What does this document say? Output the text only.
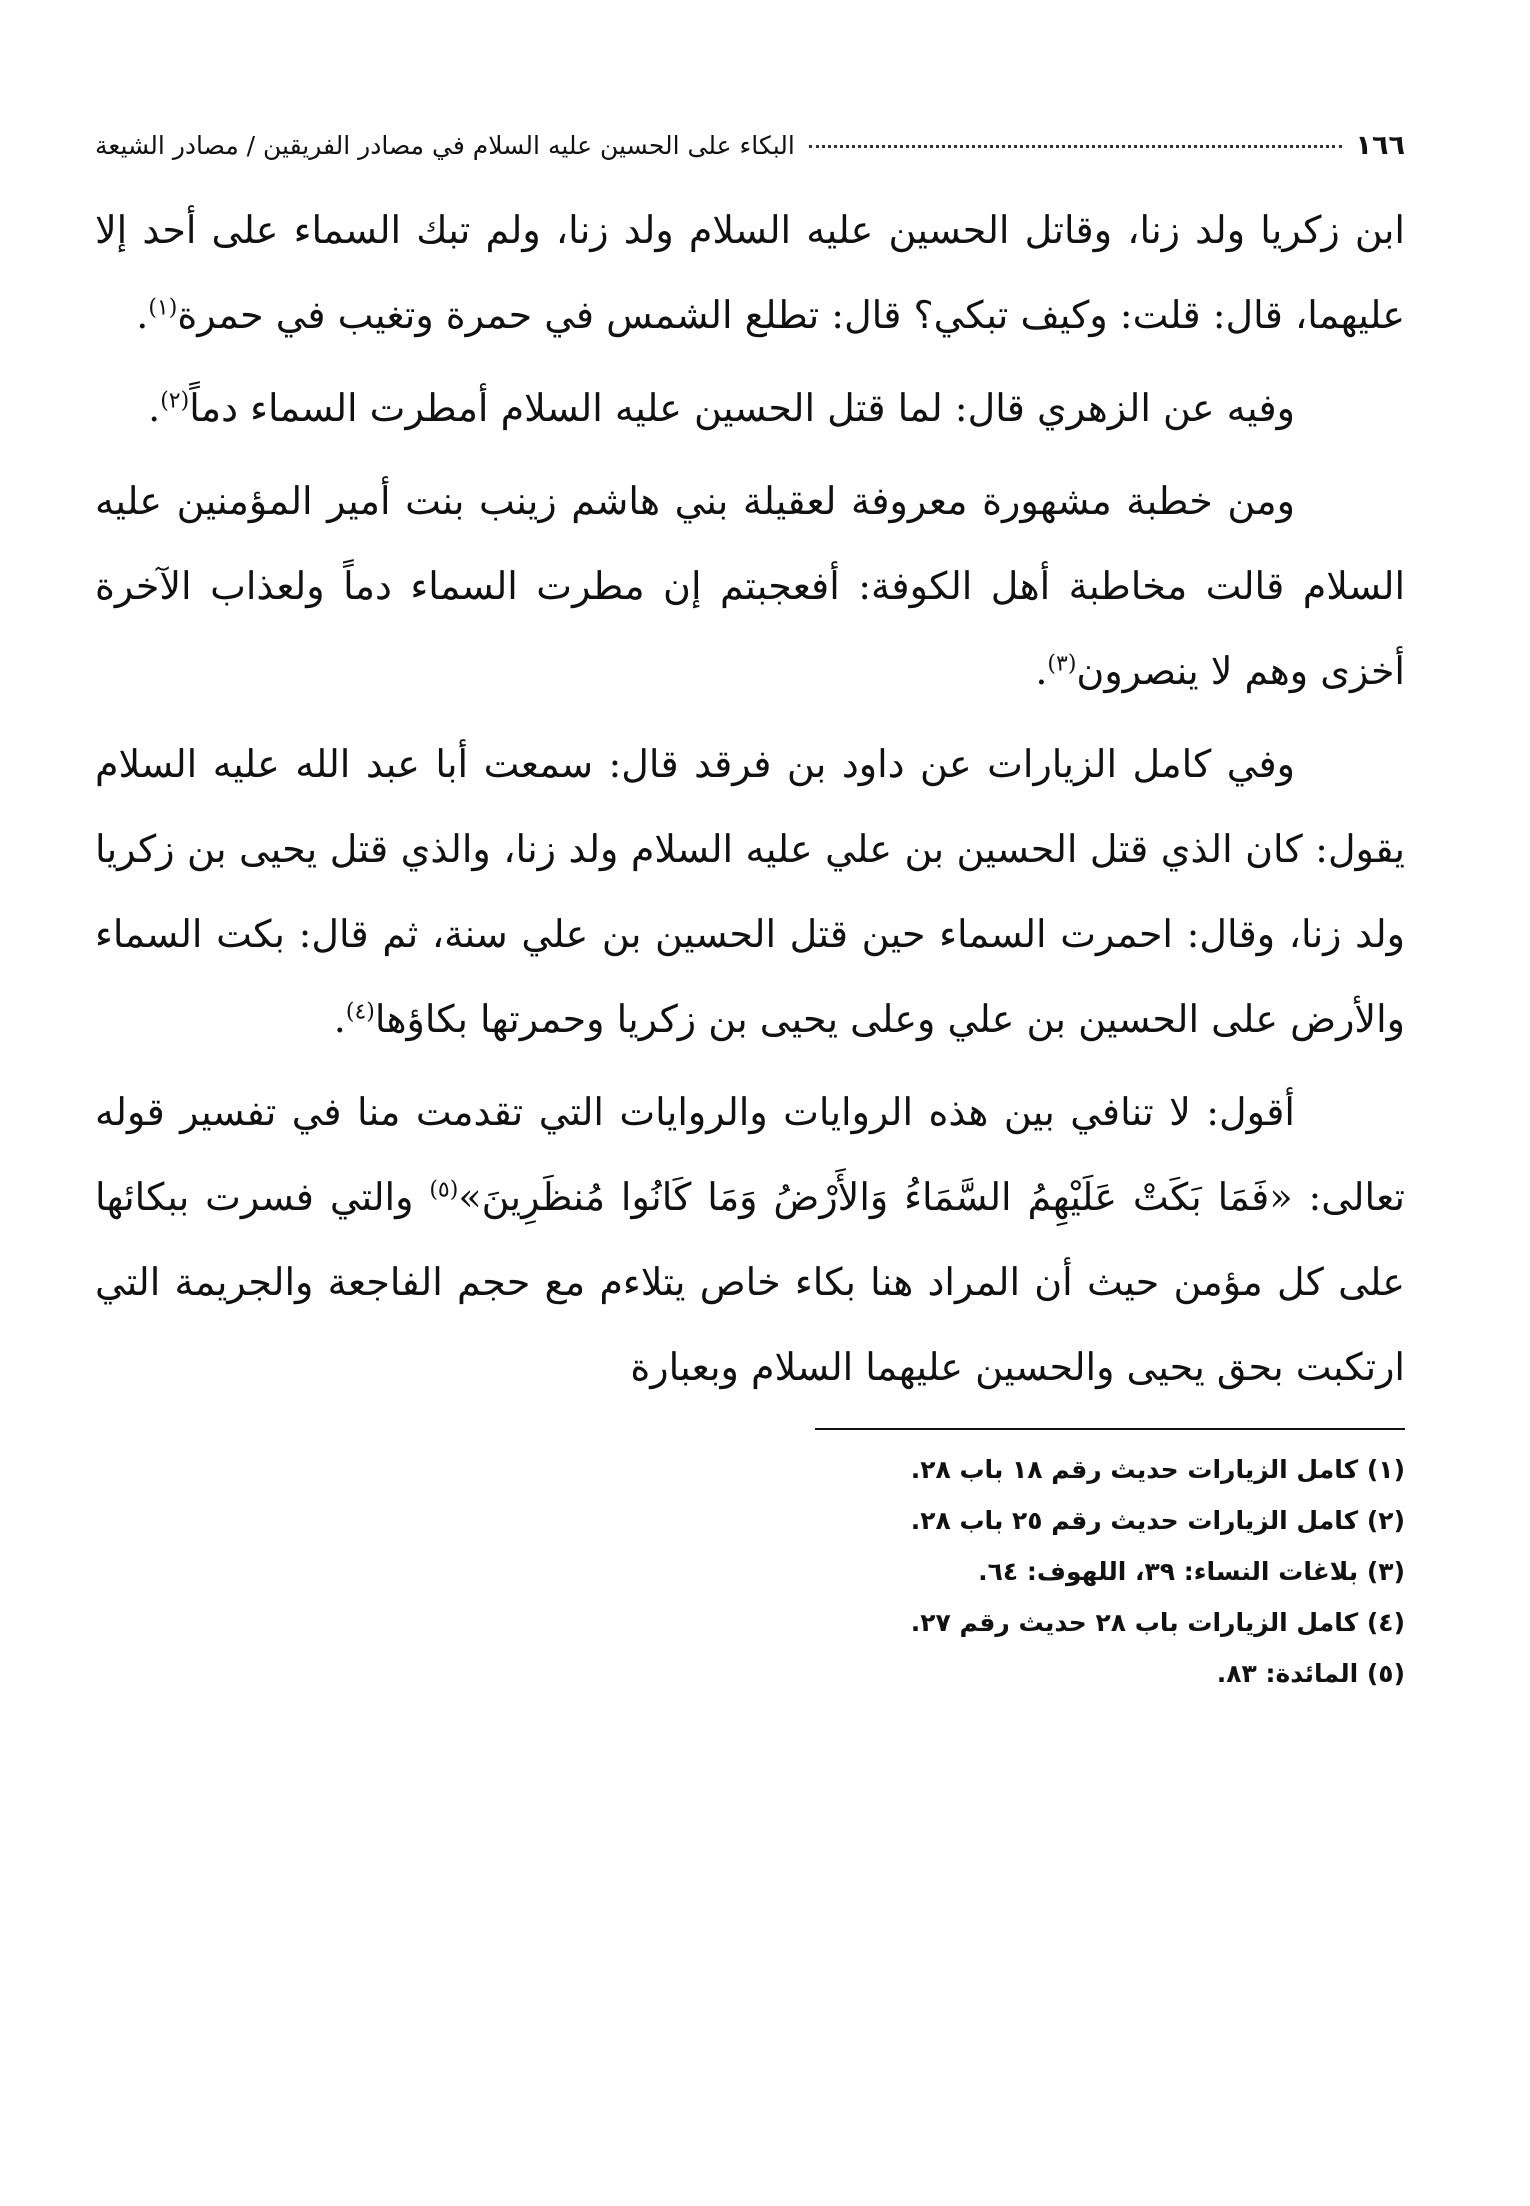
١٦٦
البكاء على الحسين عليه السلام في مصادر الفريقين / مصادر الشيعة

ابن زكريا ولد زنا، وقاتل الحسين عليه السلام ولد زنا، ولم تبك السماء على أحد إلا عليهما، قال: قلت: وكيف تبكي؟ قال: تطلع الشمس في حمرة وتغيب في حمرة$^{(١)}$.

وفيه عن الزهري قال: لما قتل الحسين عليه السلام أمطرت السماء دماً$^{(٢)}$.

ومن خطبة مشهورة معروفة لعقيلة بني هاشم زينب بنت أمير المؤمنين عليه السلام قالت مخاطبة أهل الكوفة: أفعجبتم إن مطرت السماء دماً ولعذاب الآخرة أخزى وهم لا ينصرون$^{(٣)}$.

وفي كامل الزيارات عن داود بن فرقد قال: سمعت أبا عبد الله عليه السلام يقول: كان الذي قتل الحسين بن علي عليه السلام ولد زنا، والذي قتل يحيى بن زكريا ولد زنا، وقال: احمرت السماء حين قتل الحسين بن علي سنة، ثم قال: بكت السماء والأرض على الحسين بن علي وعلى يحيى بن زكريا وحمرتها بكاؤها$^{(٤)}$.

أقول: لا تنافي بين هذه الروايات والروايات التي تقدمت منا في تفسير قوله تعالى: «فَمَا بَكَتْ عَلَيْهِمُ السَّمَاءُ وَالأَرْضُ وَمَا كَانُوا مُنظَرِينَ»$^{(٥)}$ والتي فسرت ببكائها على كل مؤمن حيث أن المراد هنا بكاء خاص يتلاءم مع حجم الفاجعة والجريمة التي ارتكبت بحق يحيى والحسين عليهما السلام وبعبارة

(١) كامل الزيارات حديث رقم ١٨ باب ٢٨.
(٢) كامل الزيارات حديث رقم ٢٥ باب ٢٨.
(٣) بلاغات النساء: ٣٩، اللهوف: ٦٤.
(٤) كامل الزيارات باب ٢٨ حديث رقم ٢٧.
(٥) المائدة: ٨٣.
